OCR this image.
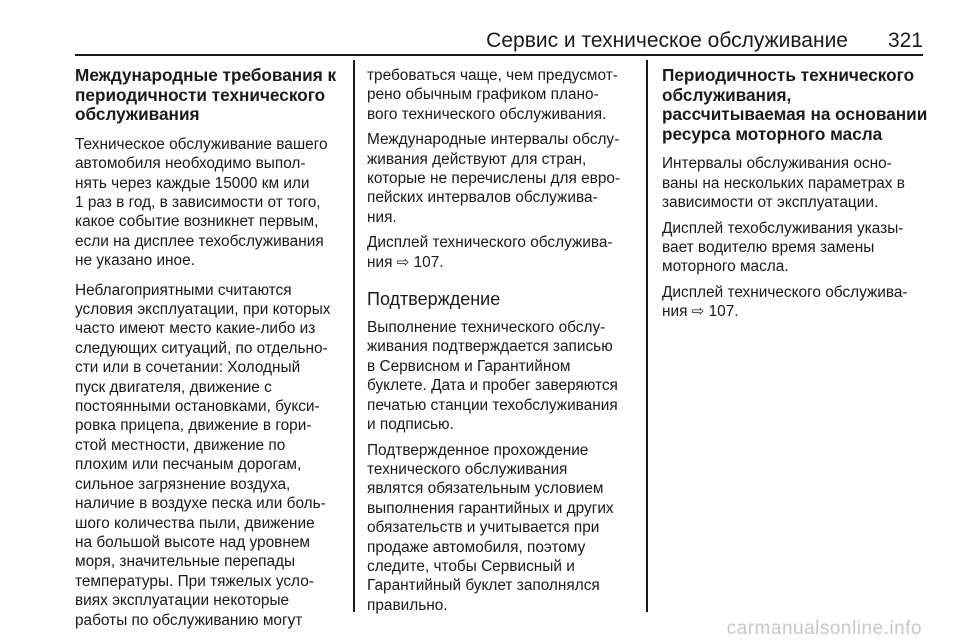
Сервис и техническое обслуживание 321
Международные требования к
периодичности технического
обслуживания

Техническое обслуживание вашего
автомобиля необходимо выпол-
нять через каждые 15000 км или
1 раз в год, в зависимости от того,
какое событие возникнет первым,
если на дисплее техобслуживания
не указано иное.

Неблагоприятными считаются
условия эксплуатации, при которых
часто имеют место какие-либо из
следующих ситуаций, по отдельно-
сти или в сочетании: Холодный
пуск двигателя, движение с
постоянными остановками, букси-
ровка прицепа, движение в гори-
стой местности, движение по
плохим или песчаным дорогам,
сильное загрязнение воздуха,
наличие в воздухе песка или боль-
шого количества пыли, движение
на большой высоте над уровнем
моря, значительные перепады
температуры. При тяжелых усло-
виях эксплуатации некоторые
работы по обслуживанию могут

требоваться чаще, чем предусмот-
рено обычным графиком плано-
вого технического обслуживания.

Международные интервалы обслу-
живания действуют для стран,
которые не перечислены для евро-
пейских интервалов обслужива-
ния.

Дисплей технического обслужива-
ния ⇨ 107.

Подтверждение

Выполнение технического обслу-
живания подтверждается записью
в Сервисном и Гарантийном
буклете. Дата и пробег заверяются
печатью станции техобслуживания
и подписью.

Подтвержденное прохождение
технического обслуживания
являтся обязательным условием
выполнения гарантийных и других
обязательств и учитывается при
продаже автомобиля, поэтому
следите, чтобы Сервисный и
Гарантийный буклет заполнялся
правильно.

Периодичность технического
обслуживания,
рассчитываемая на основании
ресурса моторного масла

Интервалы обслуживания осно-
ваны на нескольких параметрах в
зависимости от эксплуатации.

Дисплей техобслуживания указы-
вает водителю время замены
моторного масла.

Дисплей технического обслужива-
ния ⇨ 107.

carmanualsonline.info
